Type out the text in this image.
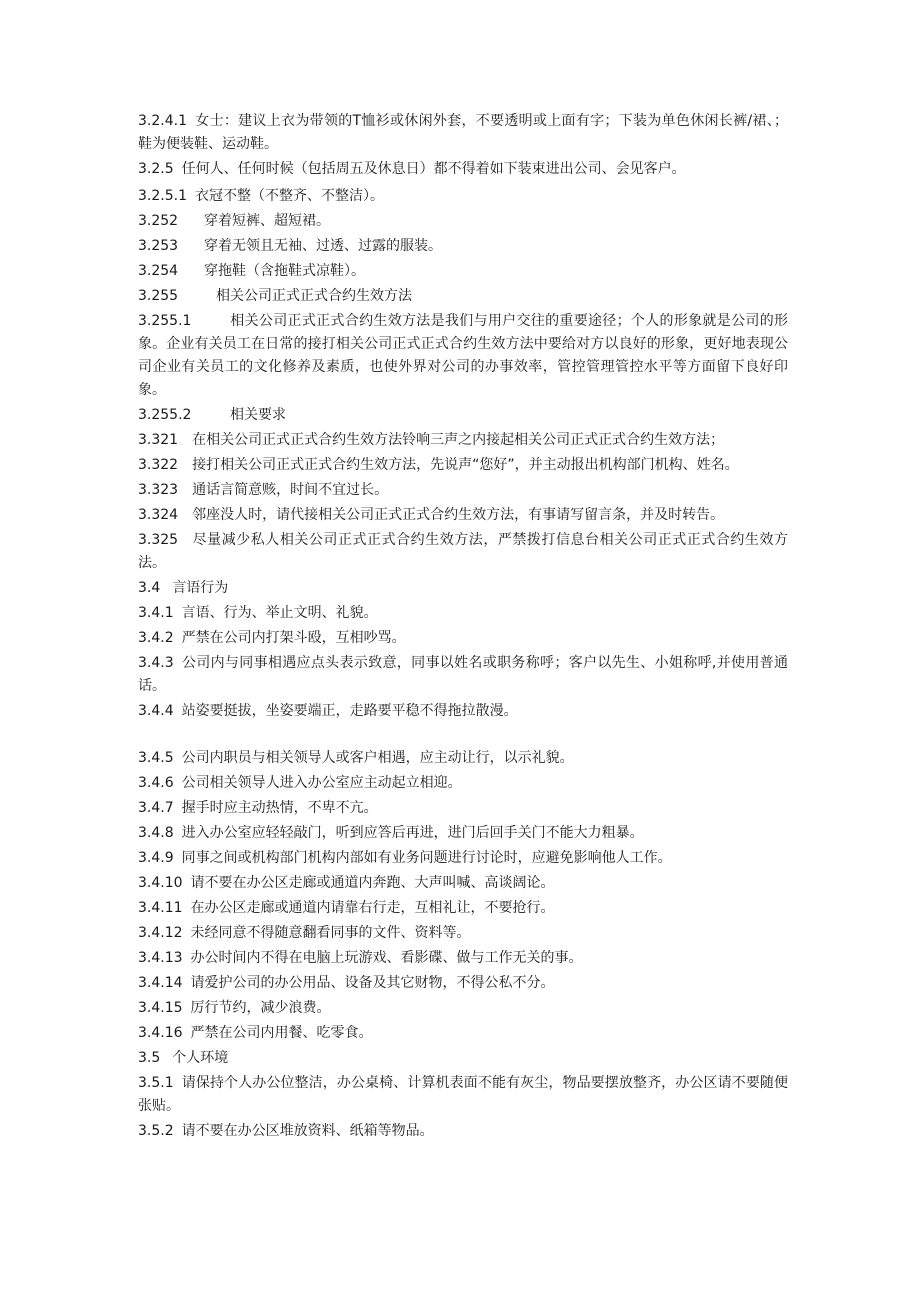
3.2.4.1 女士：建议上衣为带领的T恤衫或休闲外套，不要透明或上面有字；下装为单色休闲长裤/裙、；鞋为便装鞋、运动鞋。

3.2.5 任何人、任何时候（包括周五及休息日）都不得着如下装束进出公司、会见客户。

3.2.5.1 衣冠不整（不整齐、不整洁）。

3.252 穿着短裤、超短裙。

3.253 穿着无领且无袖、过透、过露的服装。

3.254 穿拖鞋（含拖鞋式凉鞋）。

3.255	相关公司正式正式合约生效方法

3.255.1	相关公司正式正式合约生效方法是我们与用户交往的重要途径；个人的形象就是公司的形象。企业有关员工在日常的接打相关公司正式正式合约生效方法中要给对方以良好的形象，更好地表现公司企业有关员工的文化修养及素质，也使外界对公司的办事效率，管控管理管控水平等方面留下良好印象。

3.255.2	相关要求

3.321 在相关公司正式正式合约生效方法铃响三声之内接起相关公司正式正式合约生效方法；

3.322 接打相关公司正式正式合约生效方法，先说声“您好”，并主动报出机构部门机构、姓名。

3.323 通话言简意赅，时间不宜过长。

3.324 邻座没人时，请代接相关公司正式正式合约生效方法，有事请写留言条，并及时转告。

3.325 尽量减少私人相关公司正式正式合约生效方法，严禁拨打信息台相关公司正式正式合约生效方法。

3.4 言语行为

3.4.1 言语、行为、举止文明、礼貌。

3.4.2 严禁在公司内打架斗殴，互相吵骂。

3.4.3 公司内与同事相遇应点头表示致意，同事以姓名或职务称呼；客户以先生、小姐称呼,并使用普通话。

3.4.4 站姿要挺拔，坐姿要端正，走路要平稳不得拖拉散漫。

3.4.5 公司内职员与相关领导人或客户相遇，应主动让行，以示礼貌。

3.4.6 公司相关领导人进入办公室应主动起立相迎。

3.4.7 握手时应主动热情，不卑不亢。

3.4.8 进入办公室应轻轻敲门，听到应答后再进，进门后回手关门不能大力粗暴。

3.4.9 同事之间或机构部门机构内部如有业务问题进行讨论时，应避免影响他人工作。

3.4.10 请不要在办公区走廊或通道内奔跑、大声叫喊、高谈阔论。

3.4.11 在办公区走廊或通道内请靠右行走，互相礼让，不要抢行。

3.4.12 未经同意不得随意翻看同事的文件、资料等。

3.4.13 办公时间内不得在电脑上玩游戏、看影碟、做与工作无关的事。

3.4.14 请爱护公司的办公用品、设备及其它财物，不得公私不分。

3.4.15 厉行节约，减少浪费。

3.4.16 严禁在公司内用餐、吃零食。

3.5 个人环境

3.5.1 请保持个人办公位整洁，办公桌椅、计算机表面不能有灰尘，物品要摆放整齐，办公区请不要随便张贴。

3.5.2 请不要在办公区堆放资料、纸箱等物品。
